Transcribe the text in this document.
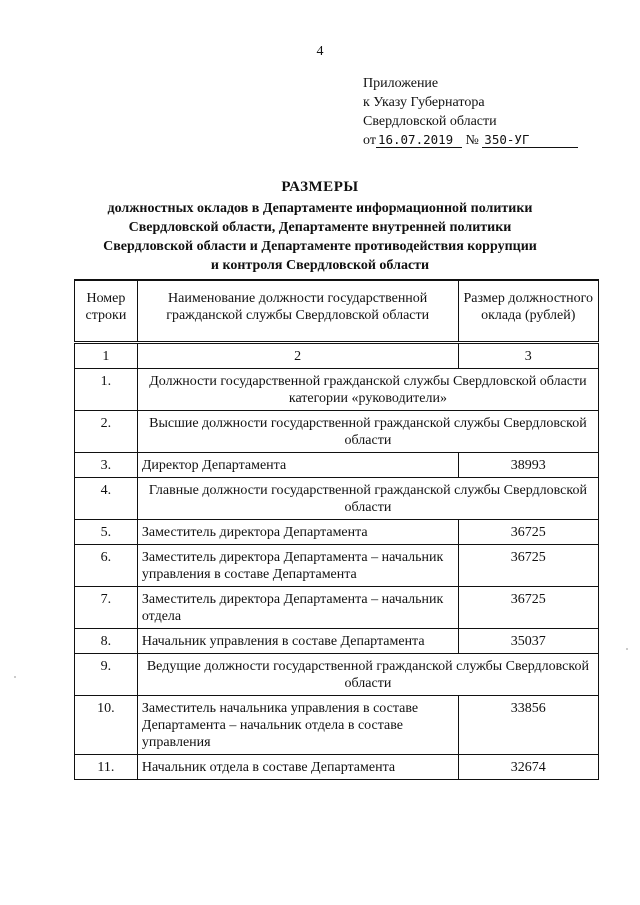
4
Приложение
к Указу Губернатора
Свердловской области
от 16.07.2019 № 350-УГ
РАЗМЕРЫ
должностных окладов в Департаменте информационной политики
Свердловской области, Департаменте внутренней политики
Свердловской области и Департаменте противодействия коррупции
и контроля Свердловской области
Номер строки	Наименование должности государственной гражданской службы Свердловской области	Размер должностного оклада (рублей)
1	2	3
1.	Должности государственной гражданской службы Свердловской области категории «руководители»	
2.	Высшие должности государственной гражданской службы Свердловской области	
3.	Директор Департамента	38993
4.	Главные должности государственной гражданской службы Свердловской области	
5.	Заместитель директора Департамента	36725
6.	Заместитель директора Департамента – начальник управления в составе Департамента	36725
7.	Заместитель директора Департамента – начальник отдела	36725
8.	Начальник управления в составе Департамента	35037
9.	Ведущие должности государственной гражданской службы Свердловской области	
10.	Заместитель начальника управления в составе Департамента – начальник отдела в составе управления	33856
11.	Начальник отдела в составе Департамента	32674
